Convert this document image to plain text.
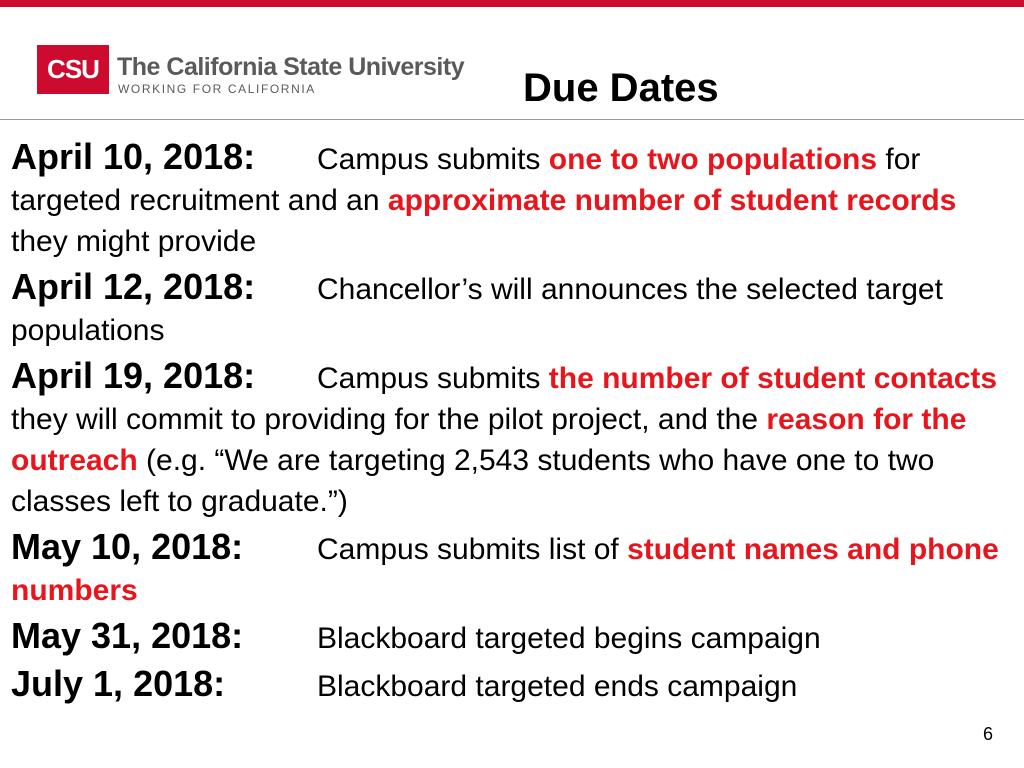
CSU The California State University
WORKING FOR CALIFORNIA	Due Dates

April 10, 2018: Campus submits one to two populations for targeted recruitment and an approximate number of student records they might provide

April 12, 2018: Chancellor’s will announces the selected target populations

April 19, 2018: Campus submits the number of student contacts they will commit to providing for the pilot project, and the reason for the outreach (e.g. “We are targeting 2,543 students who have one to two classes left to graduate.”)

May 10, 2018: Campus submits list of student names and phone numbers

May 31, 2018: Blackboard targeted begins campaign

July 1, 2018:	Blackboard targeted ends campaign

6
